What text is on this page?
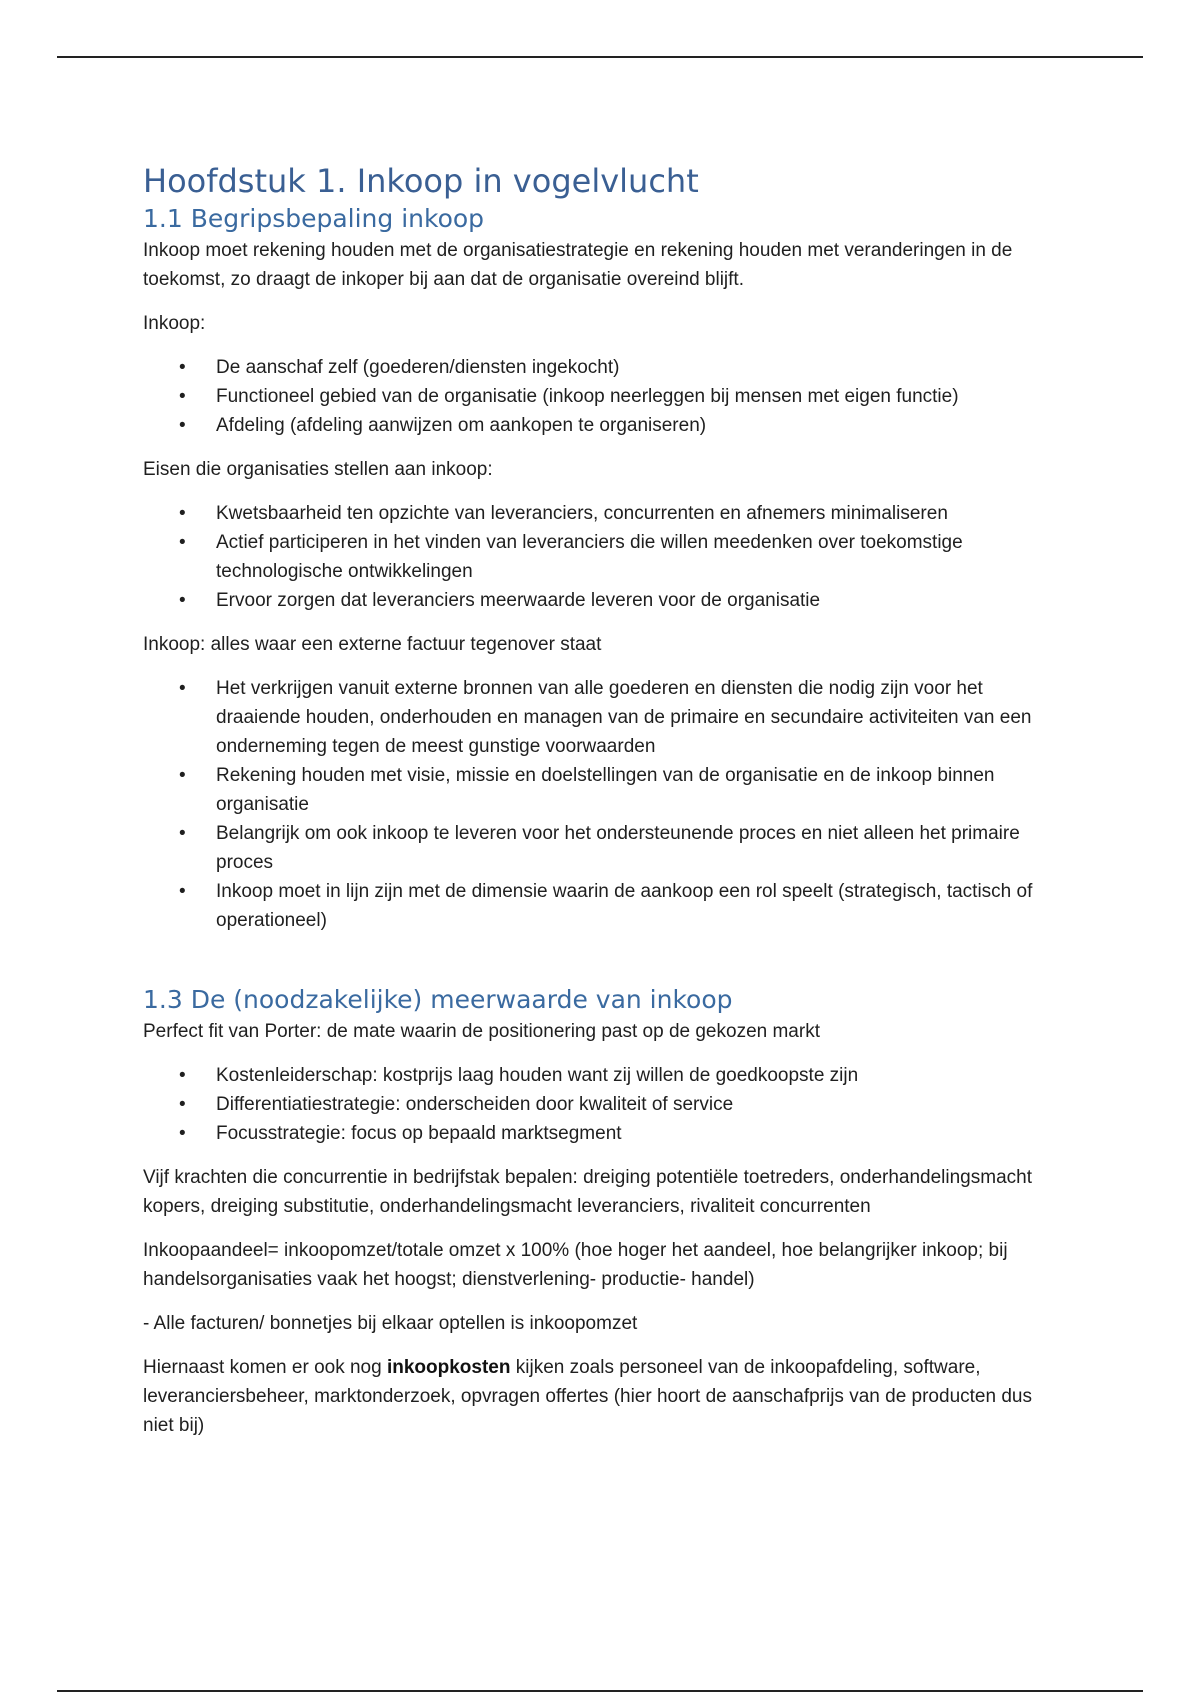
Hoofdstuk 1. Inkoop in vogelvlucht
1.1 Begripsbepaling inkoop

Inkoop moet rekening houden met de organisatiestrategie en rekening houden met veranderingen in de toekomst, zo draagt de inkoper bij aan dat de organisatie overeind blijft.

Inkoop:

• De aanschaf zelf (goederen/diensten ingekocht)
• Functioneel gebied van de organisatie (inkoop neerleggen bij mensen met eigen functie)
• Afdeling (afdeling aanwijzen om aankopen te organiseren)

Eisen die organisaties stellen aan inkoop:

• Kwetsbaarheid ten opzichte van leveranciers, concurrenten en afnemers minimaliseren
• Actief participeren in het vinden van leveranciers die willen meedenken over toekomstige technologische ontwikkelingen
• Ervoor zorgen dat leveranciers meerwaarde leveren voor de organisatie

Inkoop: alles waar een externe factuur tegenover staat

• Het verkrijgen vanuit externe bronnen van alle goederen en diensten die nodig zijn voor het draaiende houden, onderhouden en managen van de primaire en secundaire activiteiten van een onderneming tegen de meest gunstige voorwaarden
• Rekening houden met visie, missie en doelstellingen van de organisatie en de inkoop binnen organisatie
• Belangrijk om ook inkoop te leveren voor het ondersteunende proces en niet alleen het primaire proces
• Inkoop moet in lijn zijn met de dimensie waarin de aankoop een rol speelt (strategisch, tactisch of operationeel)
1.3 De (noodzakelijke) meerwaarde van inkoop

Perfect fit van Porter: de mate waarin de positionering past op de gekozen markt

• Kostenleiderschap: kostprijs laag houden want zij willen de goedkoopste zijn
• Differentiatiestrategie: onderscheiden door kwaliteit of service
• Focusstrategie: focus op bepaald marktsegment

Vijf krachten die concurrentie in bedrijfstak bepalen: dreiging potentiële toetreders, onderhandelingsmacht kopers, dreiging substitutie, onderhandelingsmacht leveranciers, rivaliteit concurrenten

Inkoopaandeel= inkoopomzet/totale omzet x 100% (hoe hoger het aandeel, hoe belangrijker inkoop; bij handelsorganisaties vaak het hoogst; dienstverlening- productie- handel)

- Alle facturen/ bonnetjes bij elkaar optellen is inkoopomzet

Hiernaast komen er ook nog inkoopkosten kijken zoals personeel van de inkoopafdeling, software, leveranciersbeheer, marktonderzoek, opvragen offertes (hier hoort de aanschafprijs van de producten dus niet bij)
